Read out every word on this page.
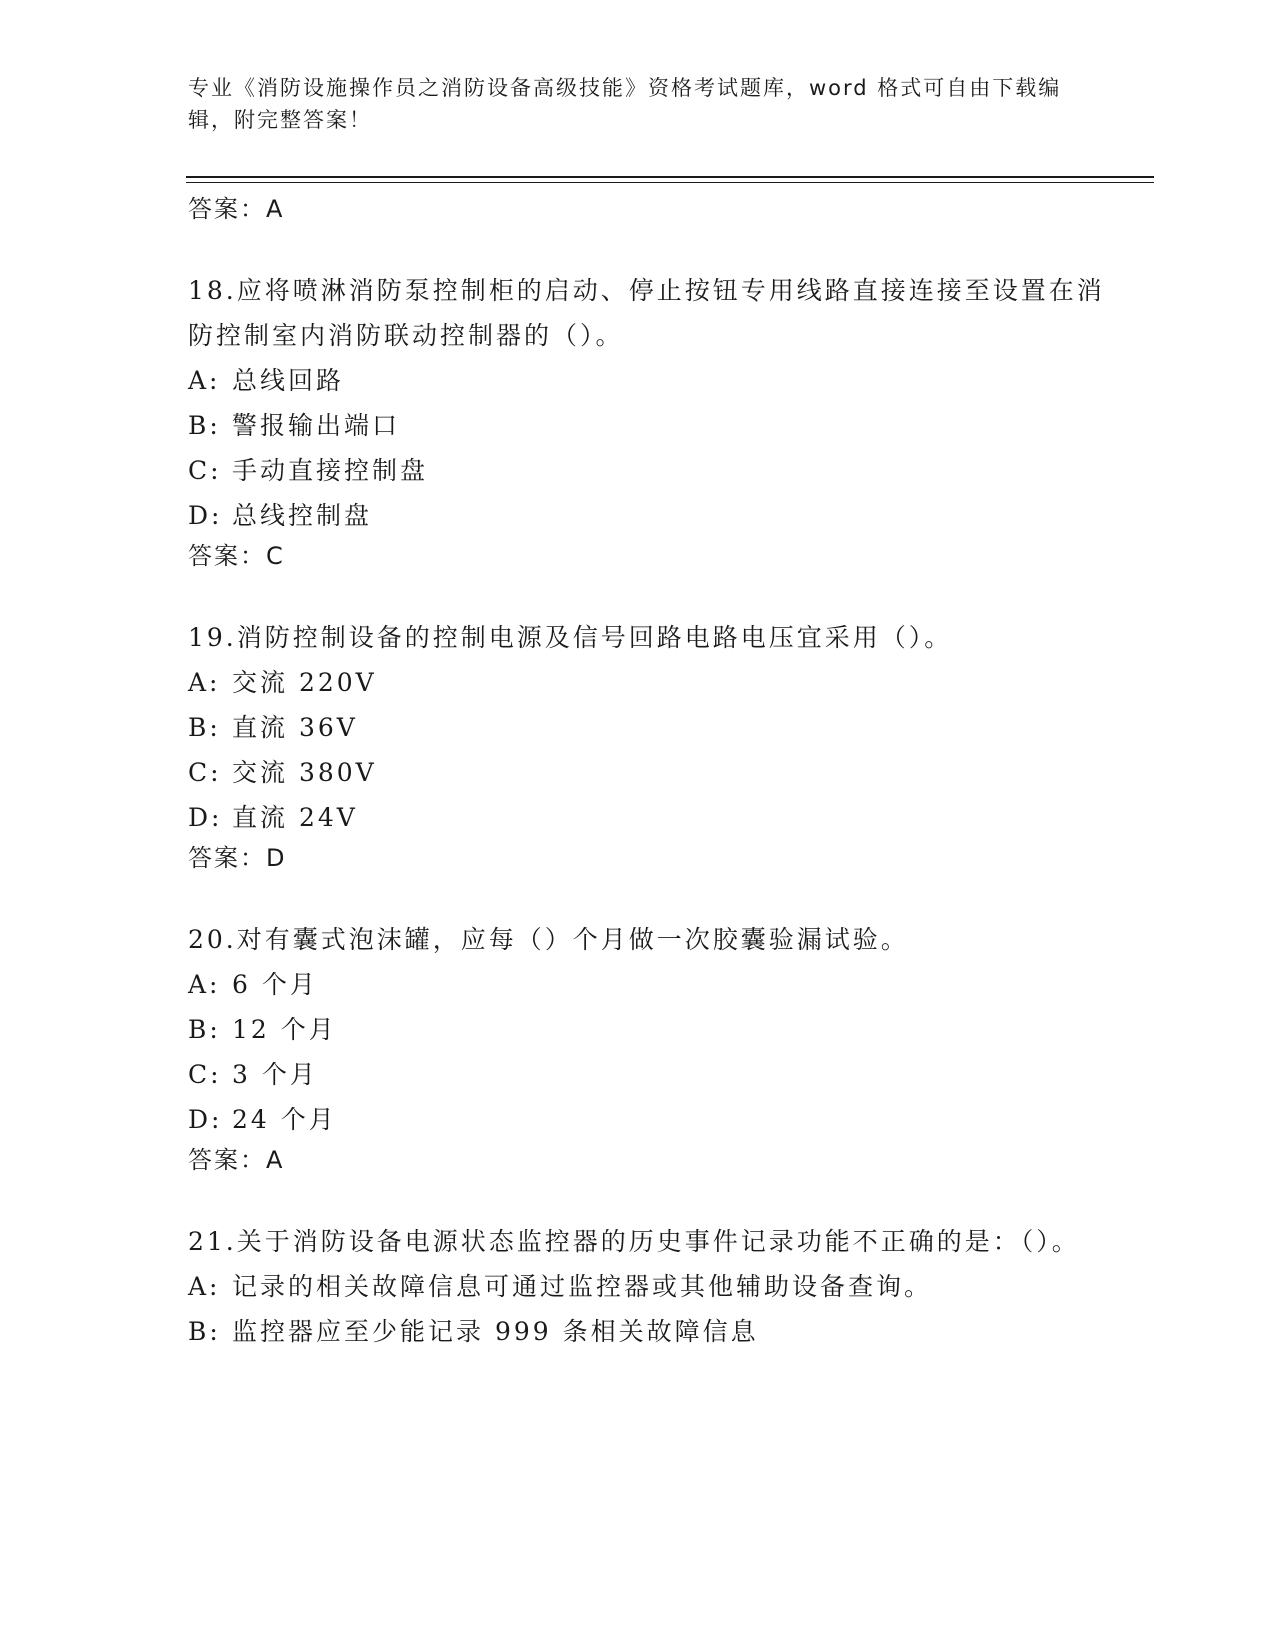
专业《消防设施操作员之消防设备高级技能》资格考试题库，word 格式可自由下载编辑，附完整答案！
答案：A
18.应将喷淋消防泵控制柜的启动、停止按钮专用线路直接连接至设置在消防控制室内消防联动控制器的（）。
A: 总线回路
B: 警报输出端口
C: 手动直接控制盘
D: 总线控制盘
答案：C
19.消防控制设备的控制电源及信号回路电路电压宜采用（）。
A: 交流 220V
B: 直流 36V
C: 交流 380V
D: 直流 24V
答案：D
20.对有囊式泡沫罐，应每（）个月做一次胶囊验漏试验。
A: 6 个月
B: 12 个月
C: 3 个月
D: 24 个月
答案：A
21.关于消防设备电源状态监控器的历史事件记录功能不正确的是：（）。
A: 记录的相关故障信息可通过监控器或其他辅助设备查询。
B: 监控器应至少能记录 999 条相关故障信息
